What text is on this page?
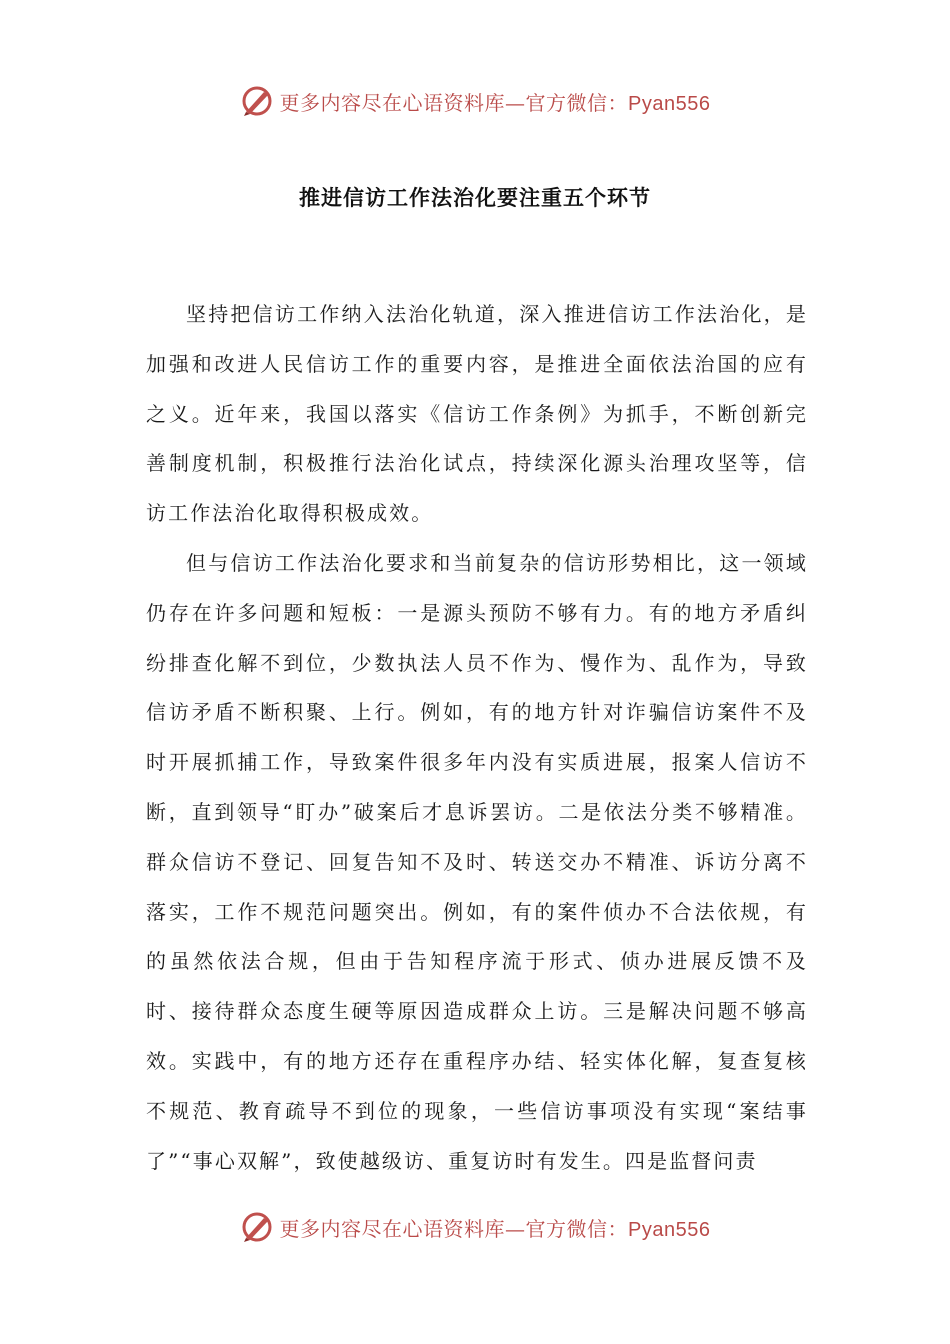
更多内容尽在心语资料库—官方微信：Pyan556
推进信访工作法治化要注重五个环节

坚持把信访工作纳入法治化轨道，深入推进信访工作法治化，是加强和改进人民信访工作的重要内容，是推进全面依法治国的应有之义。近年来，我国以落实《信访工作条例》为抓手，不断创新完善制度机制，积极推行法治化试点，持续深化源头治理攻坚等，信访工作法治化取得积极成效。

但与信访工作法治化要求和当前复杂的信访形势相比，这一领域仍存在许多问题和短板：一是源头预防不够有力。有的地方矛盾纠纷排查化解不到位，少数执法人员不作为、慢作为、乱作为，导致信访矛盾不断积聚、上行。例如，有的地方针对诈骗信访案件不及时开展抓捕工作，导致案件很多年内没有实质进展，报案人信访不断，直到领导“盯办”破案后才息诉罢访。二是依法分类不够精准。群众信访不登记、回复告知不及时、转送交办不精准、诉访分离不落实，工作不规范问题突出。例如，有的案件侦办不合法依规，有的虽然依法合规，但由于告知程序流于形式、侦办进展反馈不及时、接待群众态度生硬等原因造成群众上访。三是解决问题不够高效。实践中，有的地方还存在重程序办结、轻实体化解，复查复核不规范、教育疏导不到位的现象，一些信访事项没有实现“案结事了”“事心双解”，致使越级访、重复访时有发生。四是监督问责

更多内容尽在心语资料库—官方微信：Pyan556
